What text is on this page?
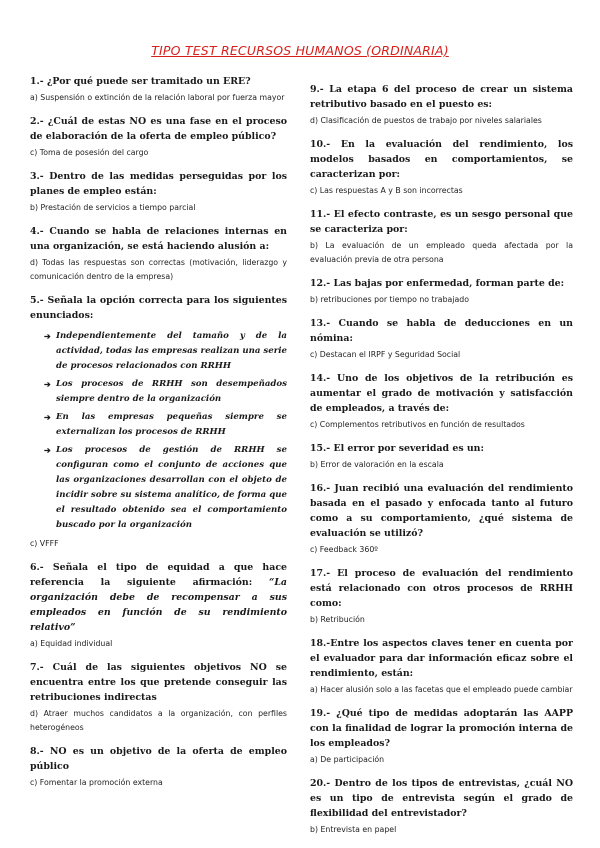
TIPO TEST RECURSOS HUMANOS (ORDINARIA)

1.- ¿Por qué puede ser tramitado un ERE?

a) Suspensión o extinción de la relación laboral por fuerza mayor

2.- ¿Cuál de estas NO es una fase en el proceso de elaboración de la oferta de empleo público?

c) Toma de posesión del cargo

3.- Dentro de las medidas perseguidas por los planes de empleo están:

b) Prestación de servicios a tiempo parcial

4.- Cuando se habla de relaciones internas en una organización, se está haciendo alusión a:

d) Todas las respuestas son correctas (motivación, liderazgo y comunicación dentro de la empresa)

5.- Señala la opción correcta para los siguientes enunciados:

➔ Independientemente del tamaño y de la actividad, todas las empresas realizan una serie de procesos relacionados con RRHH
➔ Los procesos de RRHH son desempeñados siempre dentro de la organización
➔ En las empresas pequeñas siempre se externalizan los procesos de RRHH
➔ Los procesos de gestión de RRHH se configuran como el conjunto de acciones que las organizaciones desarrollan con el objeto de incidir sobre su sistema analítico, de forma que el resultado obtenido sea el comportamiento buscado por la organización

c) VFFF

6.- Señala el tipo de equidad a que hace referencia la siguiente afirmación: “La organización debe de recompensar a sus empleados en función de su rendimiento relativo”

a) Equidad individual

7.- Cuál de las siguientes objetivos NO se encuentra entre los que pretende conseguir las retribuciones indirectas

d) Atraer muchos candidatos a la organización, con perfiles heterogéneos

8.- NO es un objetivo de la oferta de empleo público

c) Fomentar la promoción externa

9.- La etapa 6 del proceso de crear un sistema retributivo basado en el puesto es:

d) Clasificación de puestos de trabajo por niveles salariales

10.- En la evaluación del rendimiento, los modelos basados en comportamientos, se caracterizan por:

c) Las respuestas A y B son incorrectas

11.- El efecto contraste, es un sesgo personal que se caracteriza por:

b) La evaluación de un empleado queda afectada por la evaluación previa de otra persona

12.- Las bajas por enfermedad, forman parte de:

b) retribuciones por tiempo no trabajado

13.- Cuando se habla de deducciones en un nómina:

c) Destacan el IRPF y Seguridad Social

14.- Uno de los objetivos de la retribución es aumentar el grado de motivación y satisfacción de empleados, a través de:

c) Complementos retributivos en función de resultados

15.- El error por severidad es un:

b) Error de valoración en la escala

16.- Juan recibió una evaluación del rendimiento basada en el pasado y enfocada tanto al futuro como a su comportamiento, ¿qué sistema de evaluación se utilizó?

c) Feedback 360º

17.- El proceso de evaluación del rendimiento está relacionado con otros procesos de RRHH como:

b) Retribución

18.-Entre los aspectos claves tener en cuenta por el evaluador para dar información eficaz sobre el rendimiento, están:

a) Hacer alusión solo a las facetas que el empleado puede cambiar

19.- ¿Qué tipo de medidas adoptarán las AAPP con la finalidad de lograr la promoción interna de los empleados?

a) De participación

20.- Dentro de los tipos de entrevistas, ¿cuál NO es un tipo de entrevista según el grado de flexibilidad del entrevistador?

b) Entrevista en papel
